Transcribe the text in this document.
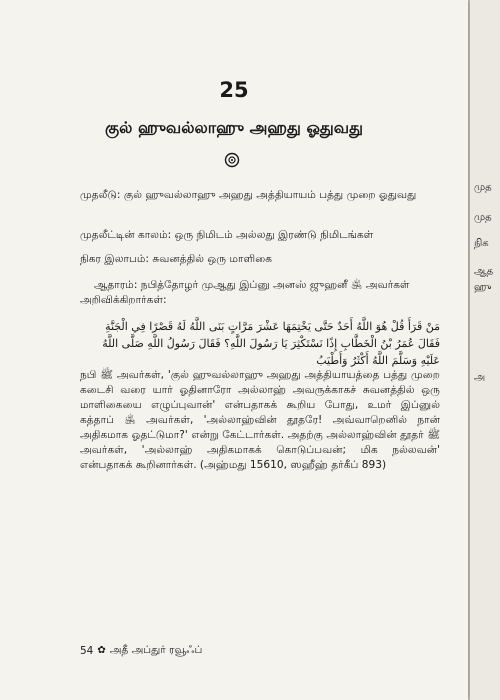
25
குல் ஹுவல்லாஹு அஹது ஓதுவது
முதலீடு: குல் ஹுவல்லாஹு அஹது அத்தியாயம் பத்து முறை ஓதுவது
முதலீட்டின் காலம்: ஒரு நிமிடம் அல்லது இரண்டு நிமிடங்கள்
நிகர இலாபம்: சுவனத்தில் ஒரு மாளிகை
ஆதாரம்: நபித்தோழர் முஆது இப்னு அனஸ் ஜுஹனீ ﵁ அவர்கள் அறிவிக்கிறார்கள்:
مَنْ قَرَأَ قُلْ هُوَ اللَّهُ أَحَدٌ حَتَّى يَخْتِمَهَا عَشْرَ مَرَّاتٍ بَنَى اللَّهُ لَهُ قَصْرًا فِي الْجَنَّةِ فَقَالَ عُمَرُ بْنُ الْخَطَّابِ إِذًا نَسْتَكْثِرَ يَا رَسُولَ اللَّهِ؟ فَقَالَ رَسُولُ اللَّهِ صَلَّى اللَّهُ عَلَيْهِ وَسَلَّمَ اللَّهُ أَكْثَرُ وَأَطْيَبُ
நபி ﷺ அவர்கள், 'குல் ஹுவல்லாஹு அஹது அத்தியாயத்தை பத்து முறை கடைசி வரை யார் ஓதினாரோ அல்லாஹ் அவருக்காகச் சுவனத்தில் ஒரு மாளிகையை எழுப்புவான்' என்பதாகக் கூறிய போது, உமர் இப்னுல் கத்தாப் ﵁ அவர்கள், 'அல்லாஹ்வின் தூதரே! அவ்வாறெனில் நான் அதிகமாக ஓதட்டுமா?' என்று கேட்டார்கள். அதற்கு அல்லாஹ்வின் தூதர் ﷺ அவர்கள், 'அல்லாஹ் அதிகமாகக் கொடுப்பவன்; மிக நல்லவன்' என்பதாகக் கூறினார்கள். (அஹ்மது 15610, ஸஹீஹ் தர்கீப் 893)
54 ✿ அதீ அப்துர் ரவூஃப்
முத
முத
நிக
ஆத
ஹு
அ
